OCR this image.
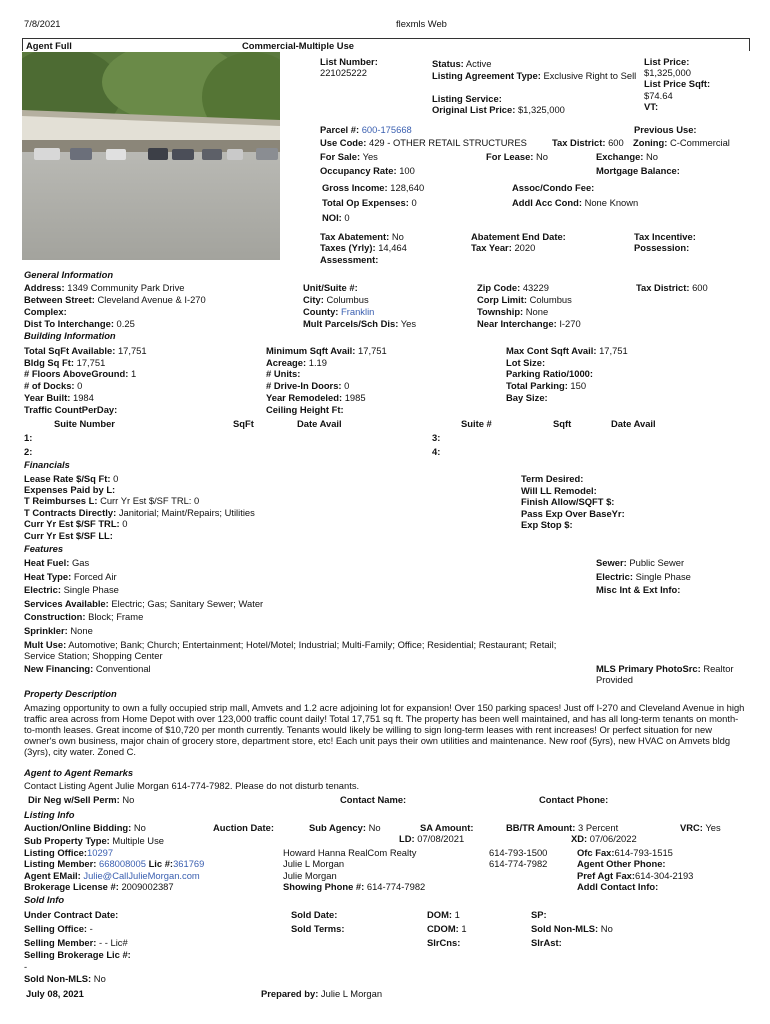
7/8/2021	flexmls Web
Agent Full	Commercial-Multiple Use
List Number:
221025222
Status: Active
Listing Agreement Type: Exclusive Right to Sell
Listing Service:
Original List Price: $1,325,000
List Price:
$1,325,000
List Price Sqft:
$74.64
VT:
Parcel #: 600-175668	Previous Use:
Use Code: 429 - OTHER RETAIL STRUCTURES	Tax District: 600 Zoning: C-Commercial
For Sale: Yes	For Lease: No	Exchange: No
Occupancy Rate: 100	Mortgage Balance:
Gross Income: 128,640	Assoc/Condo Fee:
Total Op Expenses: 0	Addl Acc Cond: None Known
NOI: 0
Tax Abatement: No	Abatement End Date:	Tax Incentive:
Taxes (Yrly): 14,464	Tax Year: 2020	Possession:
Assessment:
General Information
Address: 1349 Community Park Drive	Unit/Suite #:	Zip Code: 43229	Tax District: 600
Between Street: Cleveland Avenue & I-270	City: Columbus	Corp Limit: Columbus
Complex:	County: Franklin	Township: None
Dist To Interchange: 0.25	Mult Parcels/Sch Dis: Yes	Near Interchange: I-270
Building Information
Total SqFt Available: 17,751	Minimum Sqft Avail: 17,751	Max Cont Sqft Avail: 17,751
Bldg Sq Ft: 17,751	Acreage: 1.19	Lot Size:
# Floors AboveGround: 1	# Units:	Parking Ratio/1000:
# of Docks: 0	# Drive-In Doors: 0	Total Parking: 150
Year Built: 1984	Year Remodeled: 1985	Bay Size:
Traffic CountPerDay:	Ceiling Height Ft:
Suite Number	SqFt	Date Avail	Suite #	Sqft	Date Avail
1:	3:
2:	4:
Financials
Lease Rate $/Sq Ft: 0	Term Desired:
Expenses Paid by L:	Will LL Remodel:
T Reimburses L: Curr Yr Est $/SF TRL: 0	Finish Allow/SQFT $:
T Contracts Directly: Janitorial; Maint/Repairs; Utilities	Pass Exp Over BaseYr:
Curr Yr Est $/SF TRL: 0	Exp Stop $:
Curr Yr Est $/SF LL:
Features
Heat Fuel: Gas	Sewer: Public Sewer
Heat Type: Forced Air	Electric: Single Phase
Electric: Single Phase	Misc Int & Ext Info:
Services Available: Electric; Gas; Sanitary Sewer; Water
Construction: Block; Frame
Sprinkler: None
Mult Use: Automotive; Bank; Church; Entertainment; Hotel/Motel; Industrial; Multi-Family; Office; Residential; Restaurant; Retail; Service Station; Shopping Center
New Financing: Conventional	MLS Primary PhotoSrc: Realtor Provided
Property Description
Amazing opportunity to own a fully occupied strip mall, Amvets and 1.2 acre adjoining lot for expansion! Over 150 parking spaces! Just off I-270 and Cleveland Avenue in high traffic area across from Home Depot with over 123,000 traffic count daily! Total 17,751 sq ft. The property has been well maintained, and has all long-term tenants on month-to-month leases. Great income of $10,720 per month currently. Tenants would likely be willing to sign long-term leases with rent increases! Or perfect situation for new owner's own business, major chain of grocery store, department store, etc! Each unit pays their own utilities and maintenance. New roof (5yrs), new HVAC on Amvets bldg (3yrs), city water. Zoned C.
Agent to Agent Remarks
Contact Listing Agent Julie Morgan 614-774-7982. Please do not disturb tenants.
Dir Neg w/Sell Perm: No	Contact Name:	Contact Phone:
Listing Info
Auction/Online Bidding: No	Auction Date:	Sub Agency: No	SA Amount:	BB/TR Amount: 3 Percent	VRC: Yes
Sub Property Type: Multiple Use	LD: 07/08/2021	XD: 07/06/2022
Listing Office:10297	Howard Hanna RealCom Realty	614-793-1500	Ofc Fax:614-793-1515
Listing Member: 668008005 Lic #:361769	Julie L Morgan	614-774-7982	Agent Other Phone:
Agent EMail: Julie@CallJulieMorgan.com	Julie Morgan	Pref Agt Fax:614-304-2193
Brokerage License #: 2009002387	Showing Phone #: 614-774-7982	Addl Contact Info:
Sold Info
Under Contract Date:	Sold Date:	DOM: 1	SP:
Selling Office: -	Sold Terms:	CDOM: 1	Sold Non-MLS: No
Selling Member: - - Lic#	SlrCns:	SlrAst:
Selling Brokerage Lic #:
-
Sold Non-MLS: No
July 08, 2021	Prepared by: Julie L Morgan
